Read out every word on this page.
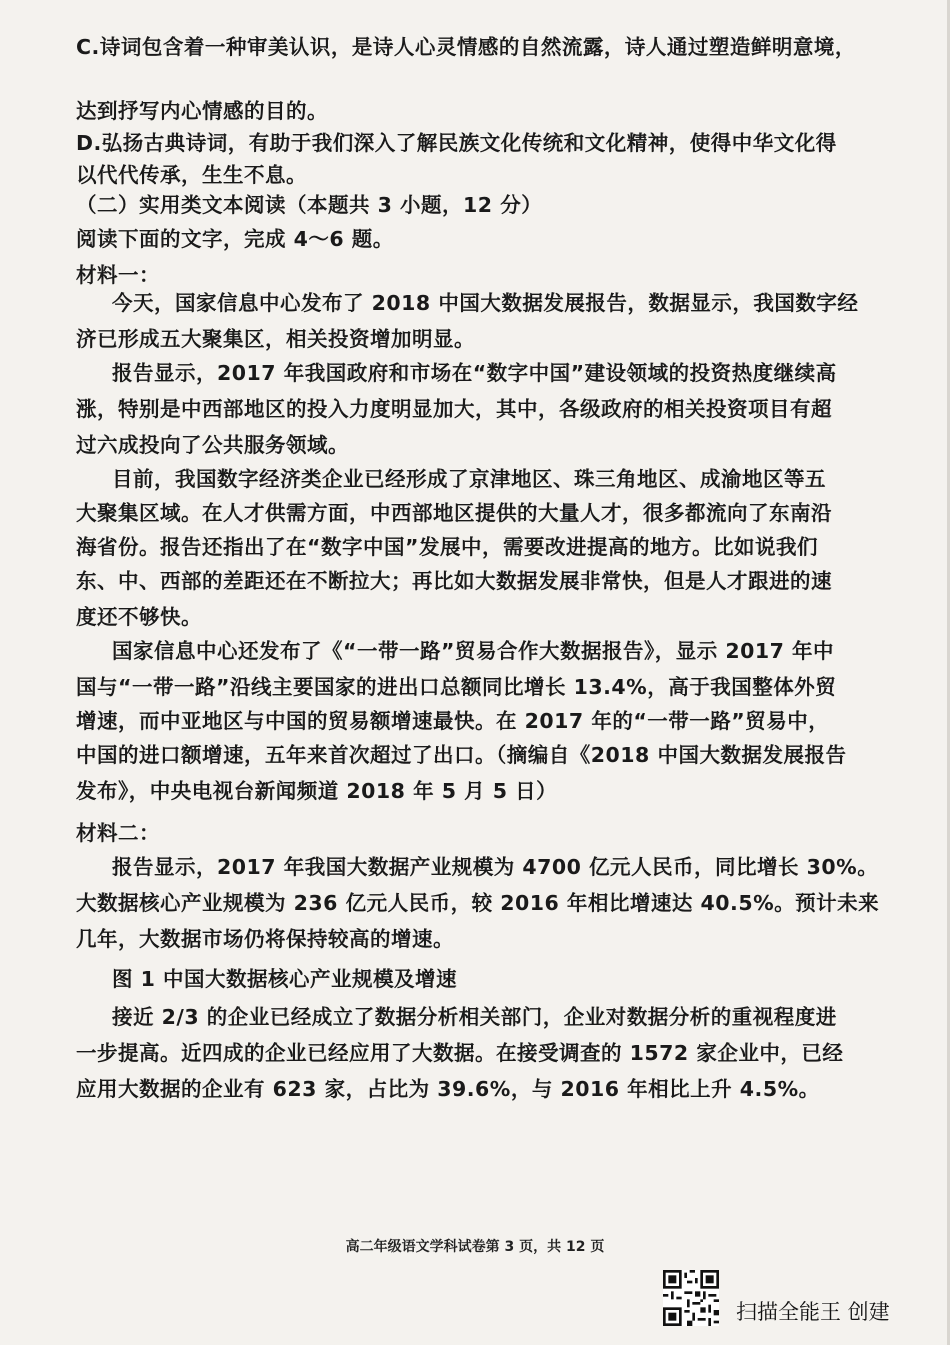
C.诗词包含着一种审美认识，是诗人心灵情感的自然流露，诗人通过塑造鲜明意境，
达到抒写内心情感的目的。
D.弘扬古典诗词，有助于我们深入了解民族文化传统和文化精神，使得中华文化得
以代代传承，生生不息。
（二）实用类文本阅读（本题共 3 小题，12 分）
阅读下面的文字，完成 4～6 题。
材料一：
今天，国家信息中心发布了 2018 中国大数据发展报告，数据显示，我国数字经
济已形成五大聚集区，相关投资增加明显。
报告显示，2017 年我国政府和市场在“数字中国”建设领域的投资热度继续高
涨，特别是中西部地区的投入力度明显加大，其中，各级政府的相关投资项目有超
过六成投向了公共服务领域。
目前，我国数字经济类企业已经形成了京津地区、珠三角地区、成渝地区等五
大聚集区域。在人才供需方面，中西部地区提供的大量人才，很多都流向了东南沿
海省份。报告还指出了在“数字中国”发展中，需要改进提高的地方。比如说我们
东、中、西部的差距还在不断拉大；再比如大数据发展非常快，但是人才跟进的速
度还不够快。
国家信息中心还发布了《“一带一路”贸易合作大数据报告》，显示 2017 年中
国与“一带一路”沿线主要国家的进出口总额同比增长 13.4%，高于我国整体外贸
增速，而中亚地区与中国的贸易额增速最快。在 2017 年的“一带一路”贸易中，
中国的进口额增速，五年来首次超过了出口。（摘编自《2018 中国大数据发展报告
发布》，中央电视台新闻频道 2018 年 5 月 5 日）
材料二：
报告显示，2017 年我国大数据产业规模为 4700 亿元人民币，同比增长 30%。
大数据核心产业规模为 236 亿元人民币，较 2016 年相比增速达 40.5%。预计未来
几年，大数据市场仍将保持较高的增速。
图 1 中国大数据核心产业规模及增速
接近 2/3 的企业已经成立了数据分析相关部门，企业对数据分析的重视程度进
一步提高。近四成的企业已经应用了大数据。在接受调查的 1572 家企业中，已经
应用大数据的企业有 623 家，占比为 39.6%，与 2016 年相比上升 4.5%。
高二年级语文学科试卷第 3 页，共 12 页
扫描全能王 创建
